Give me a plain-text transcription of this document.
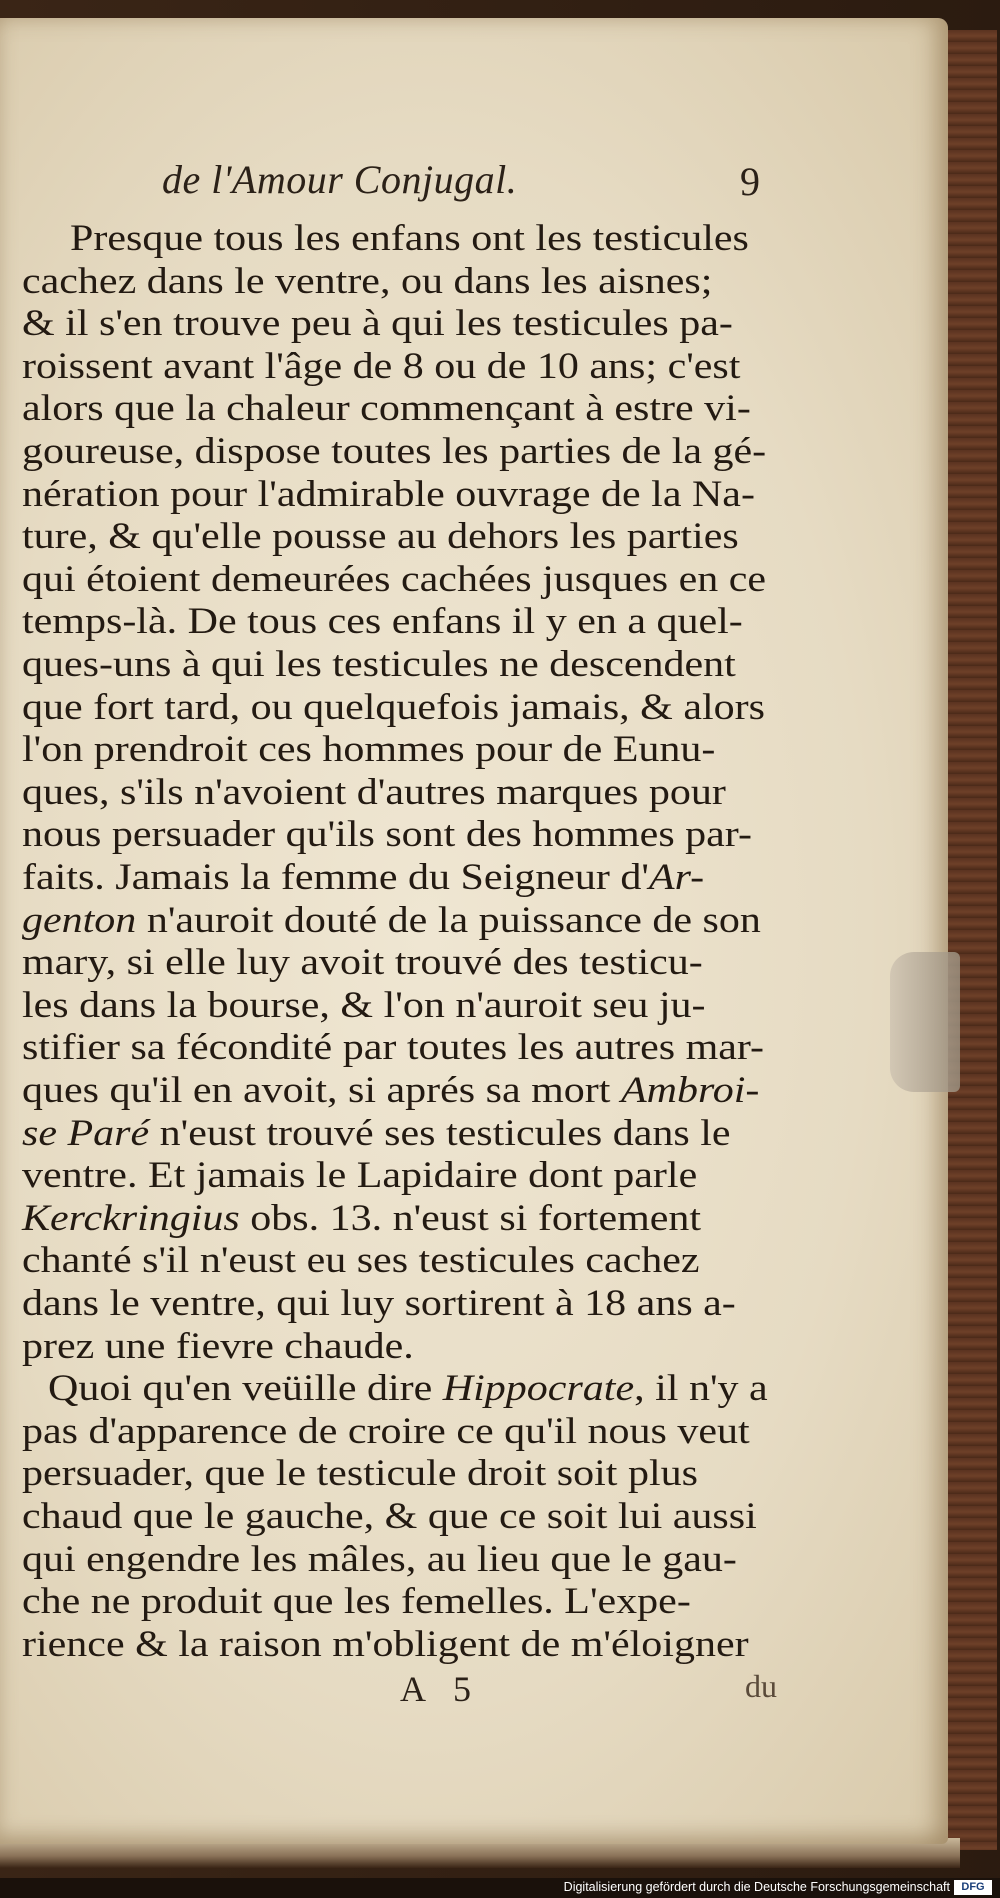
de l'Amour Conjugal.	9
Presque tous les enfans ont les testicules
cachez dans le ventre, ou dans les aisnes;
& il s'en trouve peu à qui les testicules pa-
roissent avant l'âge de 8 ou de 10 ans; c'est
alors que la chaleur commençant à estre vi-
goureuse, dispose toutes les parties de la gé-
nération pour l'admirable ouvrage de la Na-
ture, & qu'elle pousse au dehors les parties
qui étoient demeurées cachées jusques en ce
temps-là. De tous ces enfans il y en a quel-
ques-uns à qui les testicules ne descendent
que fort tard, ou quelquefois jamais, & alors
l'on prendroit ces hommes pour de Eunu-
ques, s'ils n'avoient d'autres marques pour
nous persuader qu'ils sont des hommes par-
faits. Jamais la femme du Seigneur d'Ar-
genton n'auroit douté de la puissance de son
mary, si elle luy avoit trouvé des testicu-
les dans la bourse, & l'on n'auroit seu ju-
stifier sa fécondité par toutes les autres mar-
ques qu'il en avoit, si aprés sa mort Ambroi-
se Paré n'eust trouvé ses testicules dans le
ventre. Et jamais le Lapidaire dont parle
Kerckringius obs. 13. n'eust si fortement
chanté s'il n'eust eu ses testicules cachez
dans le ventre, qui luy sortirent à 18 ans a-
prez une fievre chaude.
Quoi qu'en veüille dire Hippocrate, il n'y a
pas d'apparence de croire ce qu'il nous veut
persuader, que le testicule droit soit plus
chaud que le gauche, & que ce soit lui aussi
qui engendre les mâles, au lieu que le gau-
che ne produit que les femelles. L'expe-
rience & la raison m'obligent de m'éloigner
A 5	du
Digitalisierung gefördert durch die Deutsche Forschungsgemeinschaft	DFG
